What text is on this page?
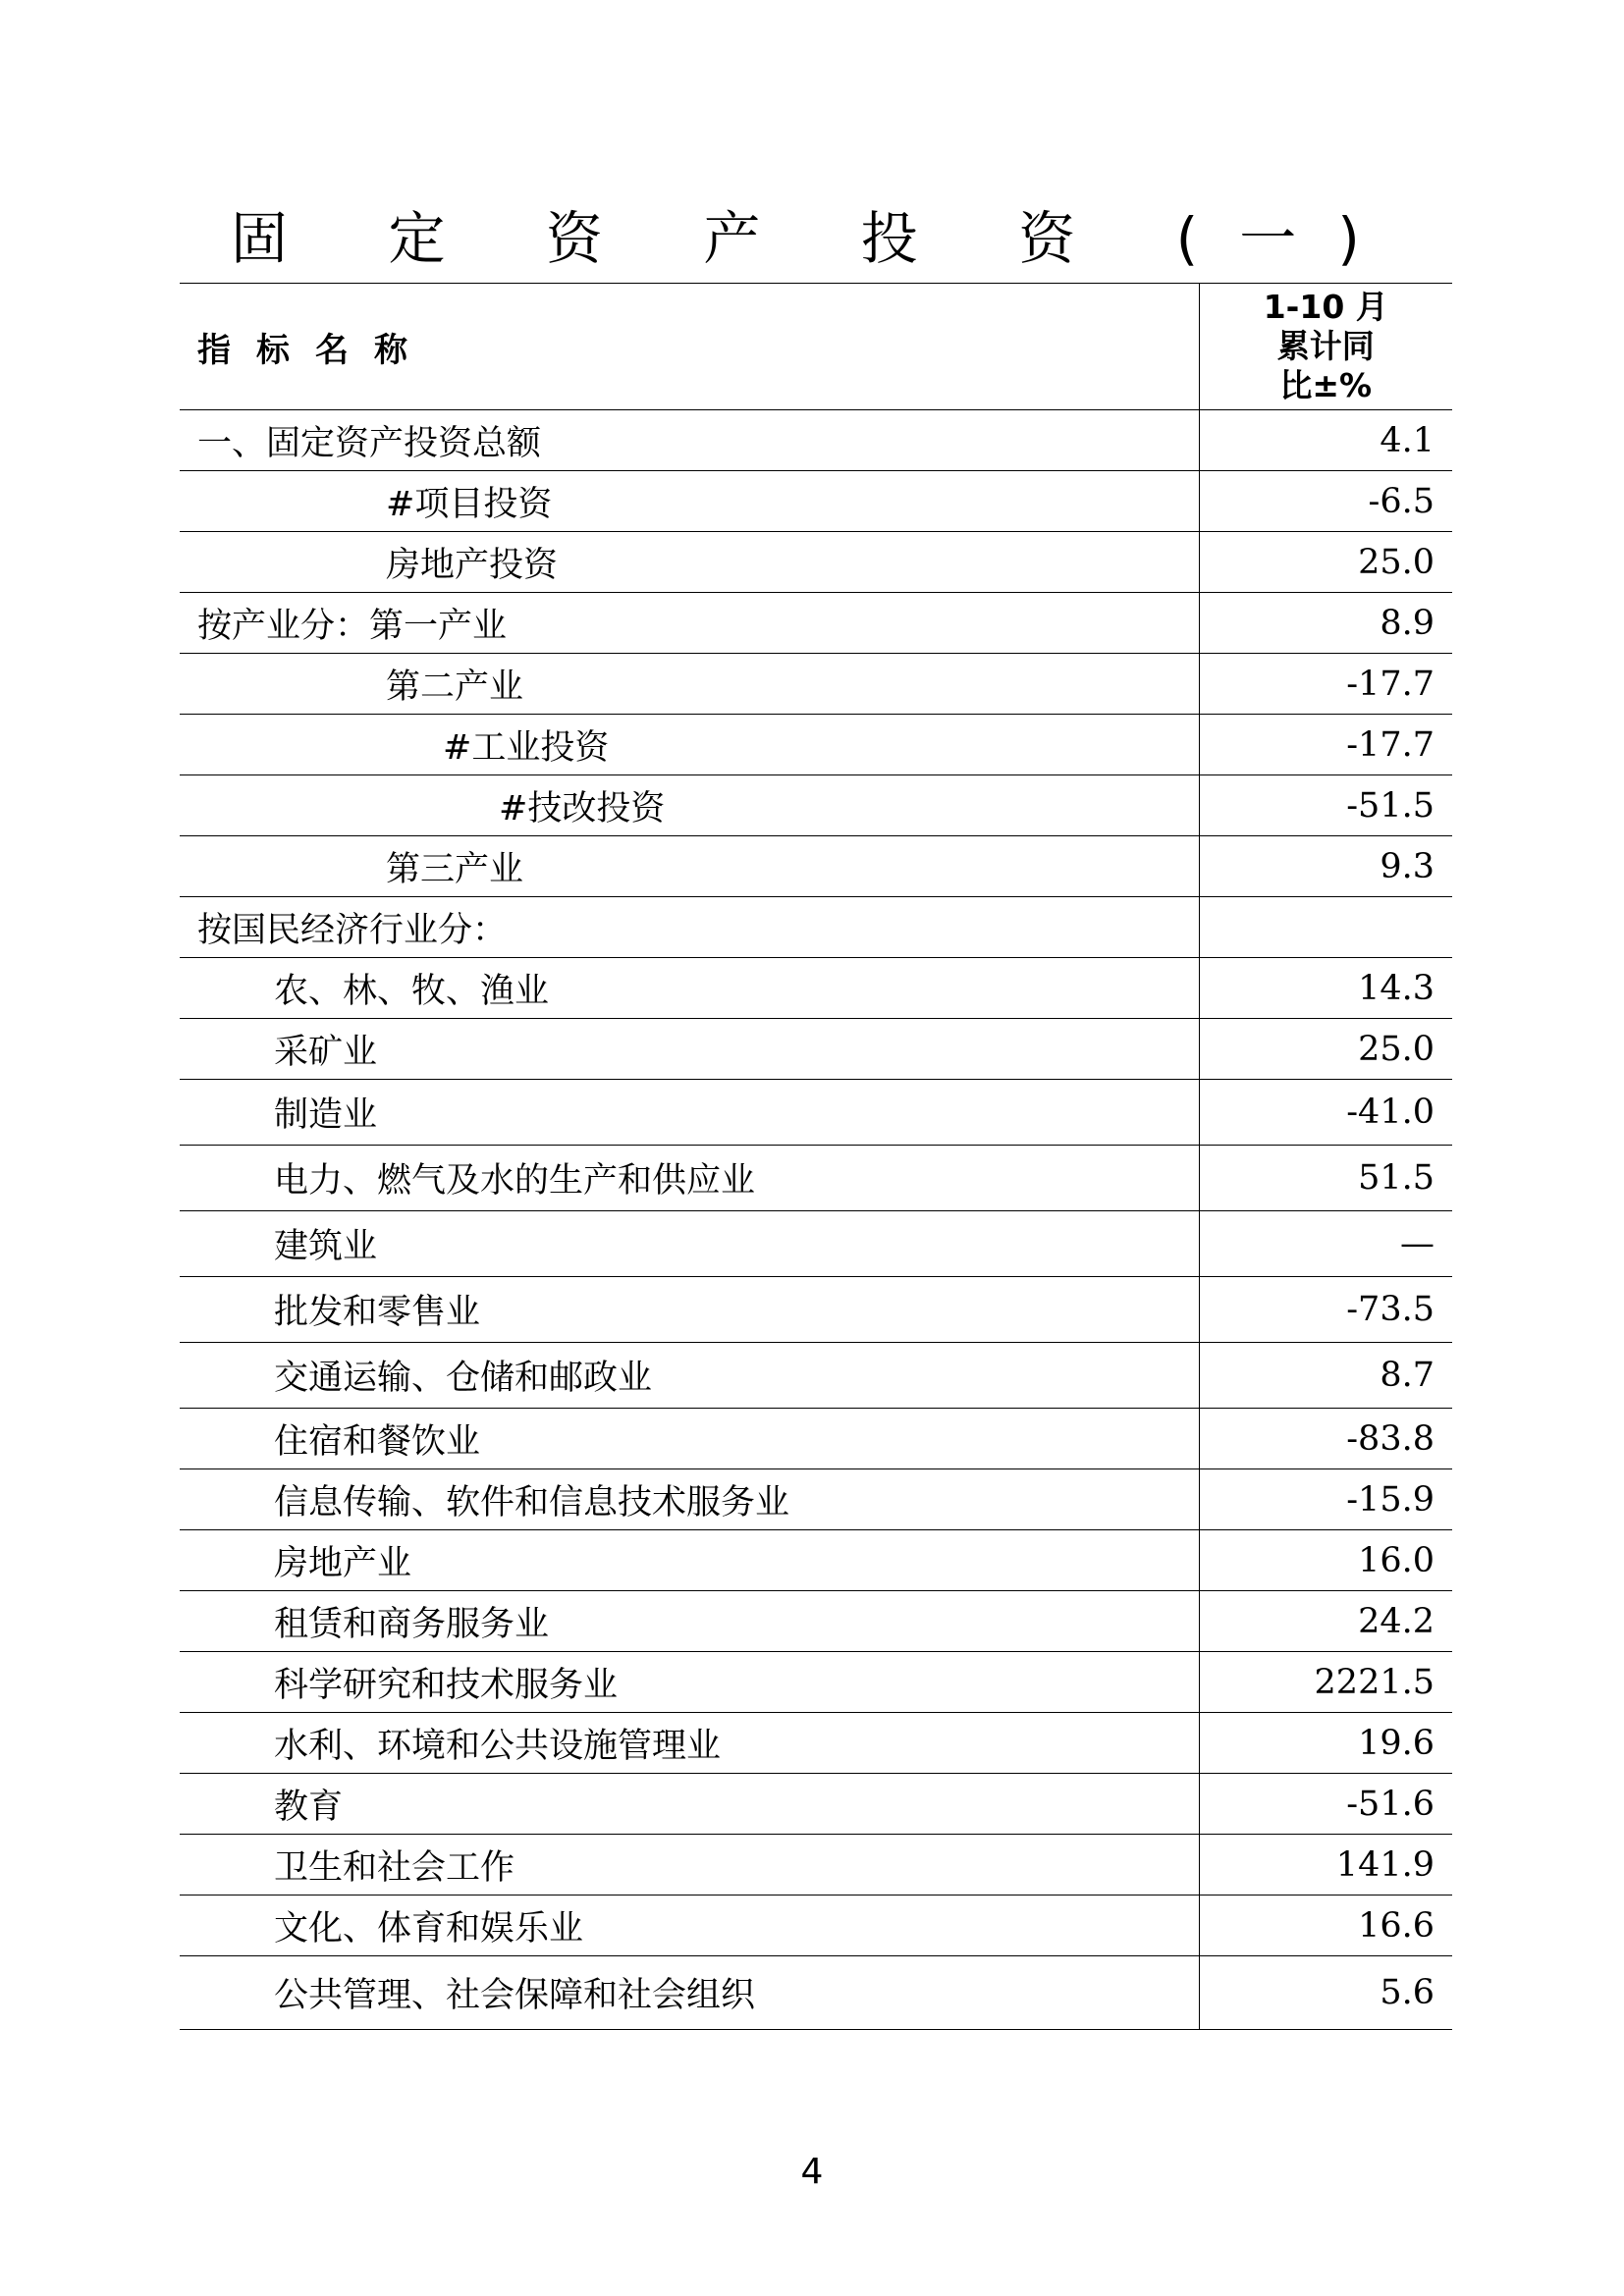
固 定 资 产 投 资 (一)
指标名称	1-10 月
累计同
比±%

一、固定资产投资总额	4.1
#项目投资	-6.5
房地产投资	25.0
按产业分：第一产业	8.9
第二产业	-17.7
#工业投资	-17.7
#技改投资	-51.5
第三产业	9.3
按国民经济行业分：	
农、林、牧、渔业	14.3
采矿业	25.0
制造业	-41.0
电力、燃气及水的生产和供应业	51.5
建筑业	—
批发和零售业	-73.5
交通运输、仓储和邮政业	8.7
住宿和餐饮业	-83.8
信息传输、软件和信息技术服务业	-15.9
房地产业	16.0
租赁和商务服务业	24.2
科学研究和技术服务业	2221.5
水利、环境和公共设施管理业	19.6
教育	-51.6
卫生和社会工作	141.9
文化、体育和娱乐业	16.6
公共管理、社会保障和社会组织	5.6
4
